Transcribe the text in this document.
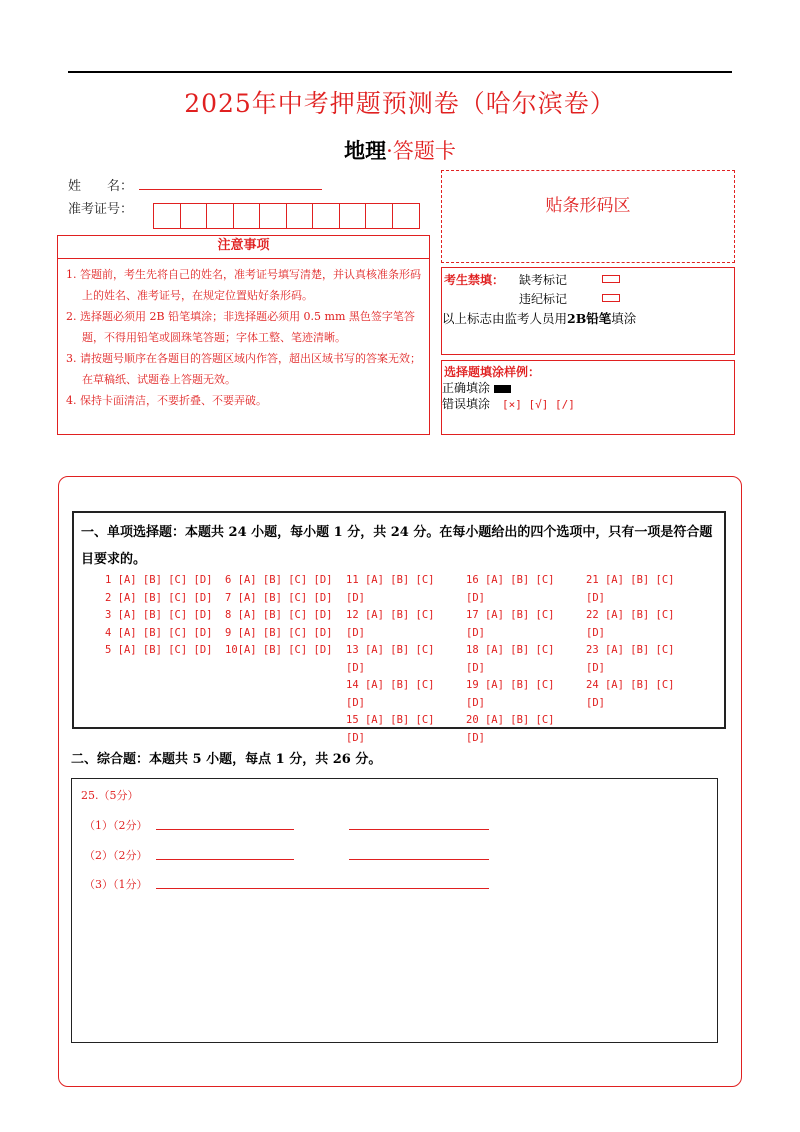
2025年中考押题预测卷（哈尔滨卷）
地理·答题卡
姓　　名：
准考证号：	贴条形码区
注意事项

1. 答题前，考生先将自己的姓名，准考证号填写清楚，并认真核准条形码上的姓名、准考证号，在规定位置贴好条形码。

2. 选择题必须用 2B 铅笔填涂；非选择题必须用 0.5 mm 黑色签字笔答题，不得用铅笔或圆珠笔答题；字体工整、笔迹清晰。

3. 请按题号顺序在各题目的答题区域内作答，超出区域书写的答案无效；在草稿纸、试题卷上答题无效。

4. 保持卡面清洁，不要折叠、不要弄破。

考生禁填： 缺考标记
违纪标记
以上标志由监考人员用2B铅笔填涂
选择题填涂样例：
正确填涂
错误填涂　 [×] [√] [/]
一、单项选择题：本题共 24 小题，每小题 1 分，共 24 分。在每小题给出的四个选项中，只有一项是符合题目要求的。
1 [A] [B] [C] [D]
2 [A] [B] [C] [D]
3 [A] [B] [C] [D]
4 [A] [B] [C] [D]
5 [A] [B] [C] [D]
6 [A] [B] [C] [D]
7 [A] [B] [C] [D]
8 [A] [B] [C] [D]
9 [A] [B] [C] [D]
10[A] [B] [C] [D]
11 [A] [B] [C]
[D]
12 [A] [B] [C]
[D]
13 [A] [B] [C]
[D]
14 [A] [B] [C]
[D]
15 [A] [B] [C]
[D]
16 [A] [B] [C]
[D]
17 [A] [B] [C]
[D]
18 [A] [B] [C]
[D]
19 [A] [B] [C]
[D]
20 [A] [B] [C]
[D]
21 [A] [B] [C]
[D]
22 [A] [B] [C]
[D]
23 [A] [B] [C]
[D]
24 [A] [B] [C]
[D]
二、综合题：本题共 5 小题，每点 1 分，共 26 分。
25.（5分）
（1）（2分）
（2）（2分）
（3）（1分）
